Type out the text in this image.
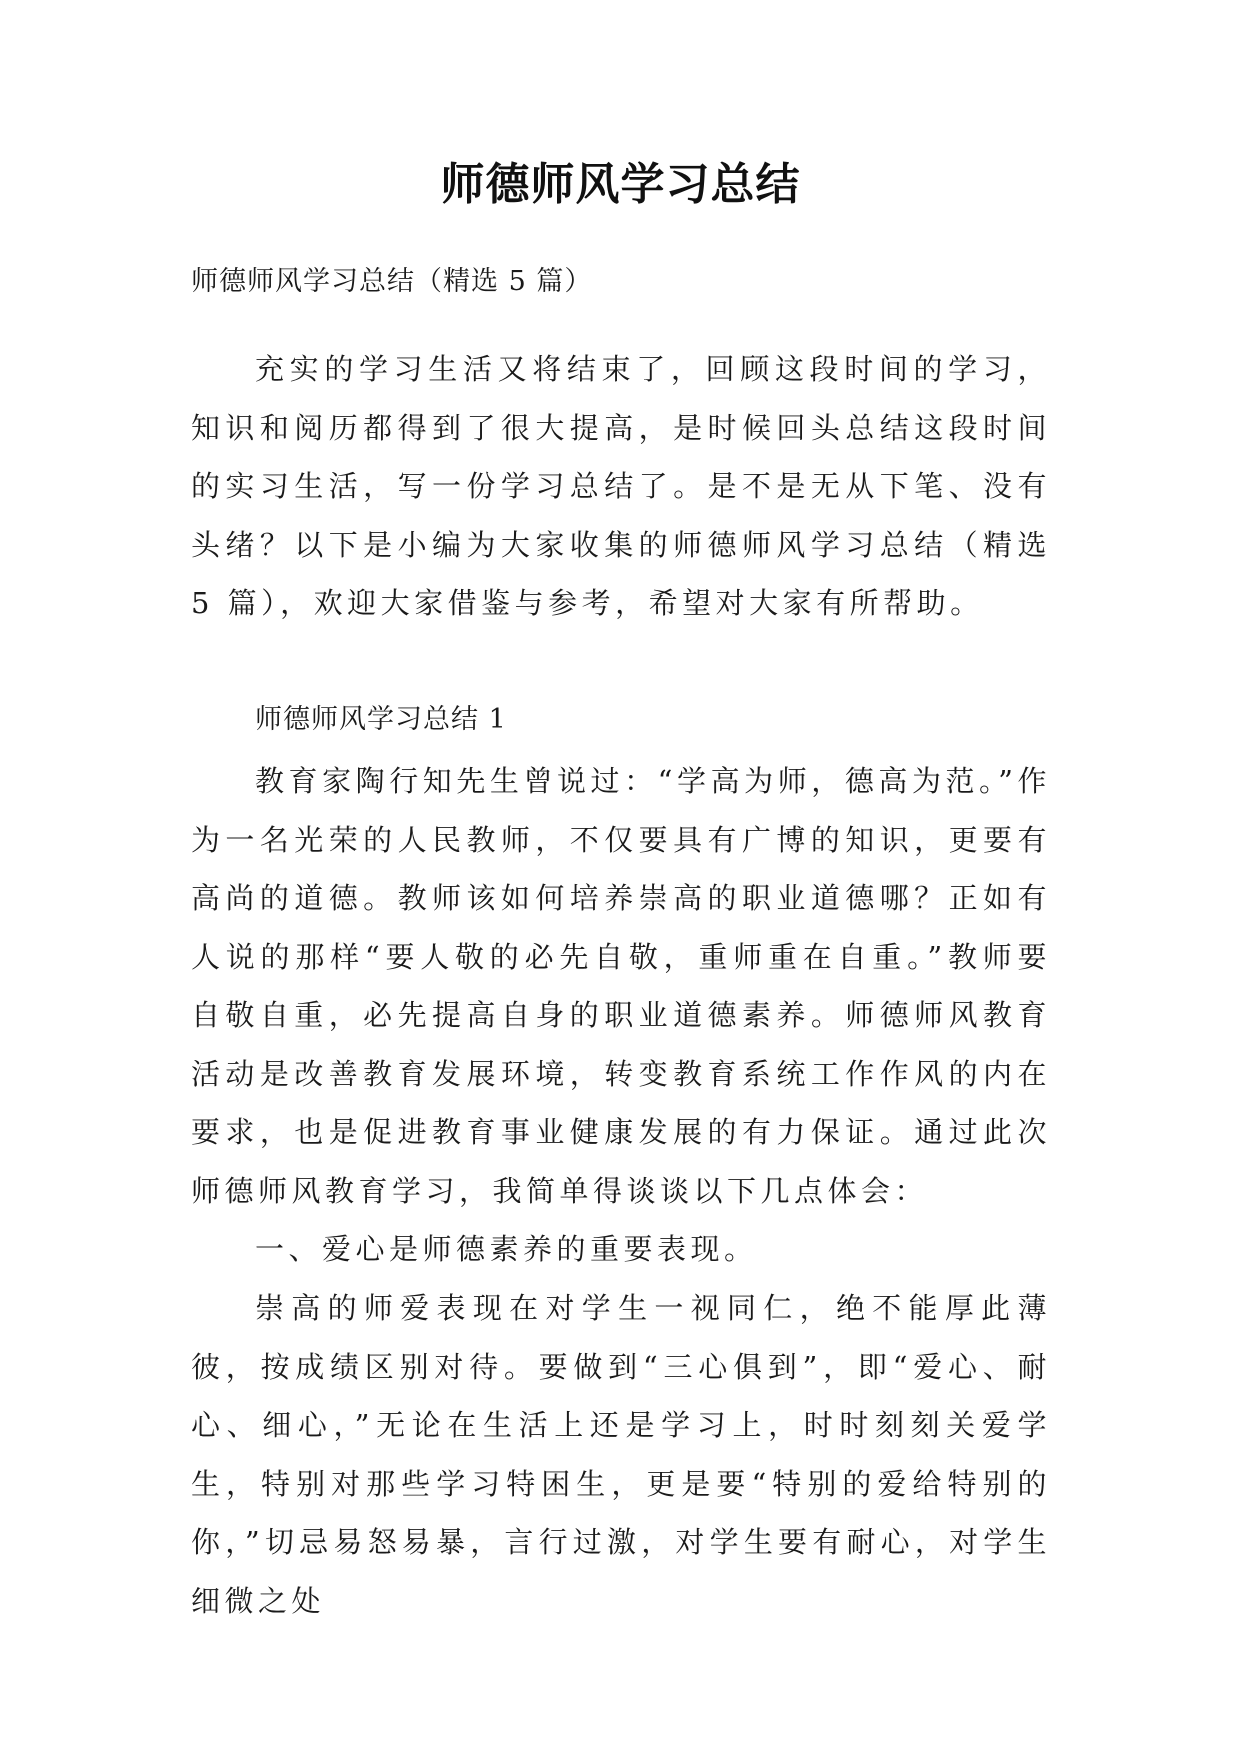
师德师风学习总结
师德师风学习总结（精选 5 篇）
充实的学习生活又将结束了，回顾这段时间的学习，知识和阅历都得到了很大提高，是时候回头总结这段时间的实习生活，写一份学习总结了。是不是无从下笔、没有头绪？以下是小编为大家收集的师德师风学习总结（精选 5 篇），欢迎大家借鉴与参考，希望对大家有所帮助。
师德师风学习总结 1
教育家陶行知先生曾说过：“学高为师，德高为范。”作为一名光荣的人民教师，不仅要具有广博的知识，更要有高尚的道德。教师该如何培养崇高的职业道德哪？正如有人说的那样“要人敬的必先自敬，重师重在自重。”教师要自敬自重，必先提高自身的职业道德素养。师德师风教育活动是改善教育发展环境，转变教育系统工作作风的内在要求，也是促进教育事业健康发展的有力保证。通过此次师德师风教育学习，我简单得谈谈以下几点体会：
一、爱心是师德素养的重要表现。
崇高的师爱表现在对学生一视同仁，绝不能厚此薄彼，按成绩区别对待。要做到“三心俱到”，即“爱心、耐心、细心，”无论在生活上还是学习上，时时刻刻关爱学生，特别对那些学习特困生，更是要“特别的爱给特别的你，”切忌易怒易暴，言行过激，对学生要有耐心，对学生细微之处
